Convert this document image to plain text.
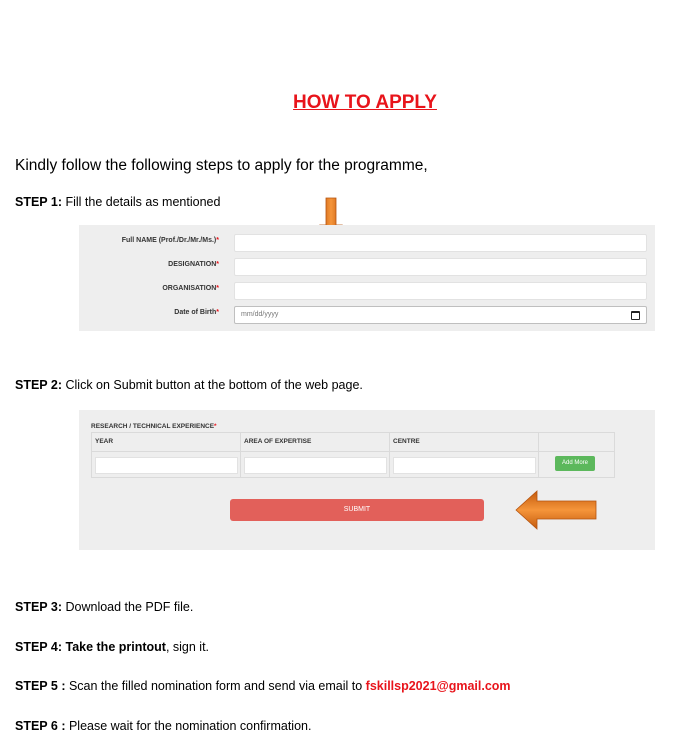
HOW TO APPLY
Kindly follow the following steps to apply for the programme,
STEP 1: Fill the details as mentioned
Full NAME (Prof./Dr./Mr./Ms.)*
DESIGNATION*
ORGANISATION*
Date of Birth*	mm/dd/yyyy
STEP 2: Click on Submit button at the bottom of the web page.
RESEARCH / TECHNICAL EXPERIENCE*
YEAR	AREA OF EXPERTISE	CENTRE
Add More
SUBMIT
STEP 3: Download the PDF file.
STEP 4: Take the printout, sign it.
STEP 5 : Scan the filled nomination form and send via email to fskillsp2021@gmail.com
STEP 6 : Please wait for the nomination confirmation.
